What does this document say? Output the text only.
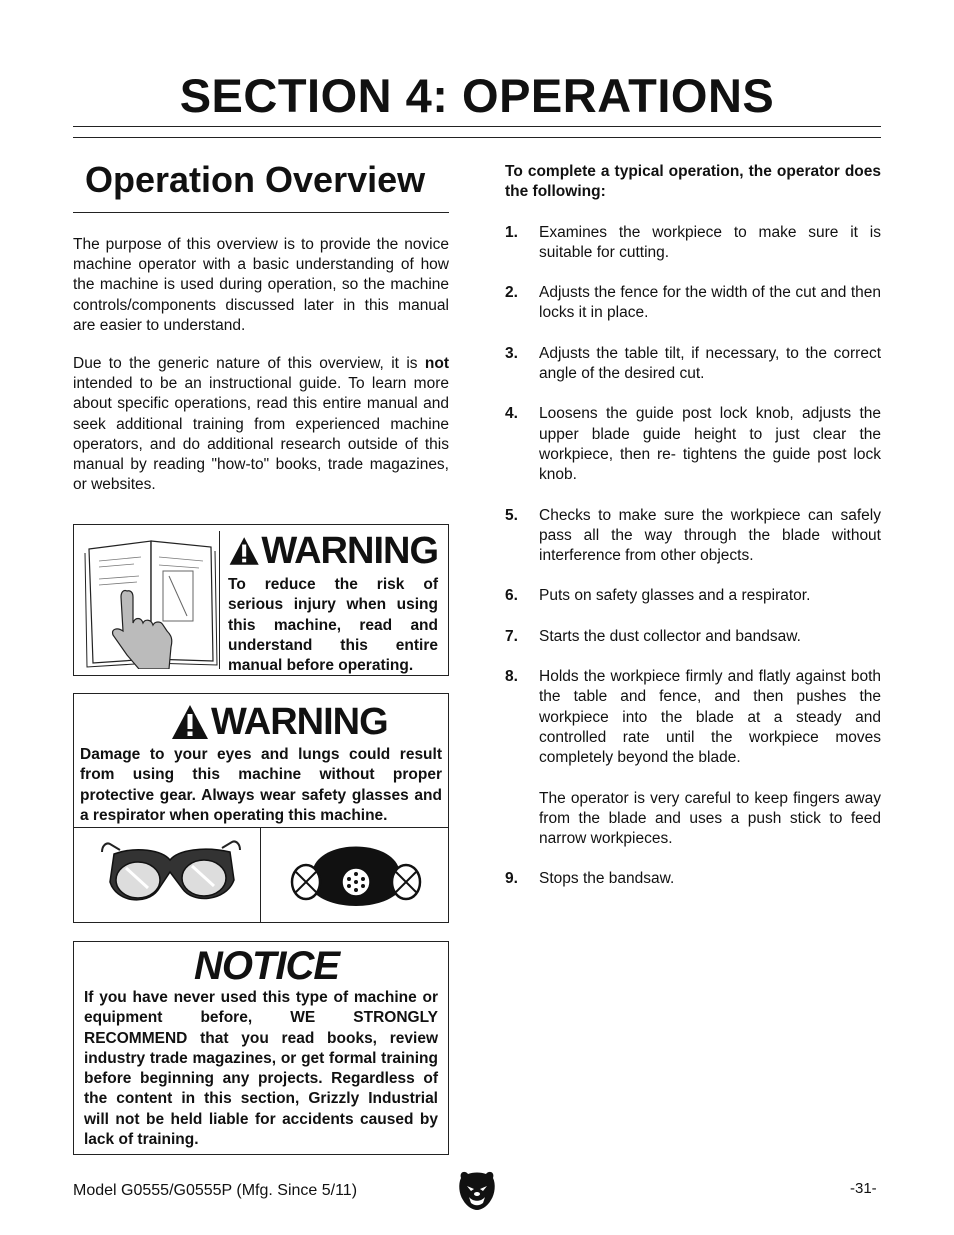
SECTION 4: OPERATIONS
Operation Overview

The purpose of this overview is to provide the novice machine operator with a basic understanding of how the machine is used during operation, so the machine controls/components discussed later in this manual are easier to understand.

Due to the generic nature of this overview, it is not intended to be an instructional guide. To learn more about specific operations, read this entire manual and seek additional training from experienced machine operators, and do additional research outside of this manual by reading "how-to" books, trade magazines, or websites.

WARNING
To reduce the risk of serious injury when using this machine, read and understand this entire manual before operating.
WARNING
Damage to your eyes and lungs could result from using this machine without proper protective gear. Always wear safety glasses and a respirator when operating this machine.
NOTICE
If you have never used this type of machine or equipment before, WE STRONGLY RECOMMEND that you read books, review industry trade magazines, or get formal training before beginning any projects. Regardless of the content in this section, Grizzly Industrial will not be held liable for accidents caused by lack of training.

To complete a typical operation, the operator does the following:

1. Examines the workpiece to make sure it is suitable for cutting.
2. Adjusts the fence for the width of the cut and then locks it in place.
3. Adjusts the table tilt, if necessary, to the correct angle of the desired cut.
4. Loosens the guide post lock knob, adjusts the upper blade guide height to just clear the workpiece, then re- tightens the guide post lock knob.
5. Checks to make sure the workpiece can safely pass all the way through the blade without interference from other objects.
6. Puts on safety glasses and a respirator.
7. Starts the dust collector and bandsaw.
8. Holds the workpiece firmly and flatly against both the table and fence, and then pushes the workpiece into the blade at a steady and controlled rate until the workpiece moves completely beyond the blade.
The operator is very careful to keep fingers away from the blade and uses a push stick to feed narrow workpieces.
9. Stops the bandsaw.
Model G0555/G0555P (Mfg. Since 5/11)	-31-
